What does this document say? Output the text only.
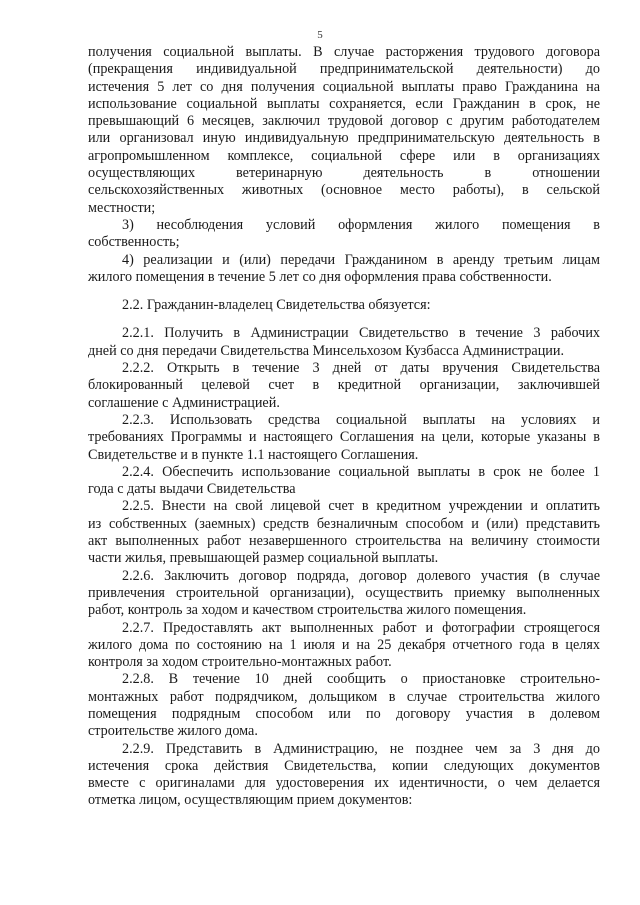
5
получения социальной выплаты. В случае расторжения трудового договора
(прекращения индивидуальной предпринимательской деятельности) до
истечения 5 лет со дня получения социальной выплаты право Гражданина на
использование социальной выплаты сохраняется, если Гражданин в срок, не
превышающий 6 месяцев, заключил трудовой договор с другим работодателем
или организовал иную индивидуальную предпринимательскую деятельность в
агропромышленном комплексе, социальной сфере или в организациях
осуществляющих ветеринарную деятельность в отношении
сельскохозяйственных животных (основное место работы), в сельской
местности;
3) несоблюдения условий оформления жилого помещения в
собственность;
4) реализации и (или) передачи Гражданином в аренду третьим лицам
жилого помещения в течение 5 лет со дня оформления права собственности.
2.2. Гражданин-владелец Свидетельства обязуется:
2.2.1. Получить в Администрации Свидетельство в течение 3 рабочих
дней со дня передачи Свидетельства Минсельхозом Кузбасса Администрации.
2.2.2. Открыть в течение 3 дней от даты вручения Свидетельства
блокированный целевой счет в кредитной организации, заключившей
соглашение с Администрацией.
2.2.3. Использовать средства социальной выплаты на условиях и
требованиях Программы и настоящего Соглашения на цели, которые указаны в
Свидетельстве и в пункте 1.1 настоящего Соглашения.
2.2.4. Обеспечить использование социальной выплаты в срок не более 1
года с даты выдачи Свидетельства
2.2.5. Внести на свой лицевой счет в кредитном учреждении и оплатить
из собственных (заемных) средств безналичным способом и (или) представить
акт выполненных работ незавершенного строительства на величину стоимости
части жилья, превышающей размер социальной выплаты.
2.2.6. Заключить договор подряда, договор долевого участия (в случае
привлечения строительной организации), осуществить приемку выполненных
работ, контроль за ходом и качеством строительства жилого помещения.
2.2.7. Предоставлять акт выполненных работ и фотографии строящегося
жилого дома по состоянию на 1 июля и на 25 декабря отчетного года в целях
контроля за ходом строительно-монтажных работ.
2.2.8. В течение 10 дней сообщить о приостановке строительно-
монтажных работ подрядчиком, дольщиком в случае строительства жилого
помещения подрядным способом или по договору участия в долевом
строительстве жилого дома.
2.2.9. Представить в Администрацию, не позднее чем за 3 дня до
истечения срока действия Свидетельства, копии следующих документов
вместе с оригиналами для удостоверения их идентичности, о чем делается
отметка лицом, осуществляющим прием документов:
